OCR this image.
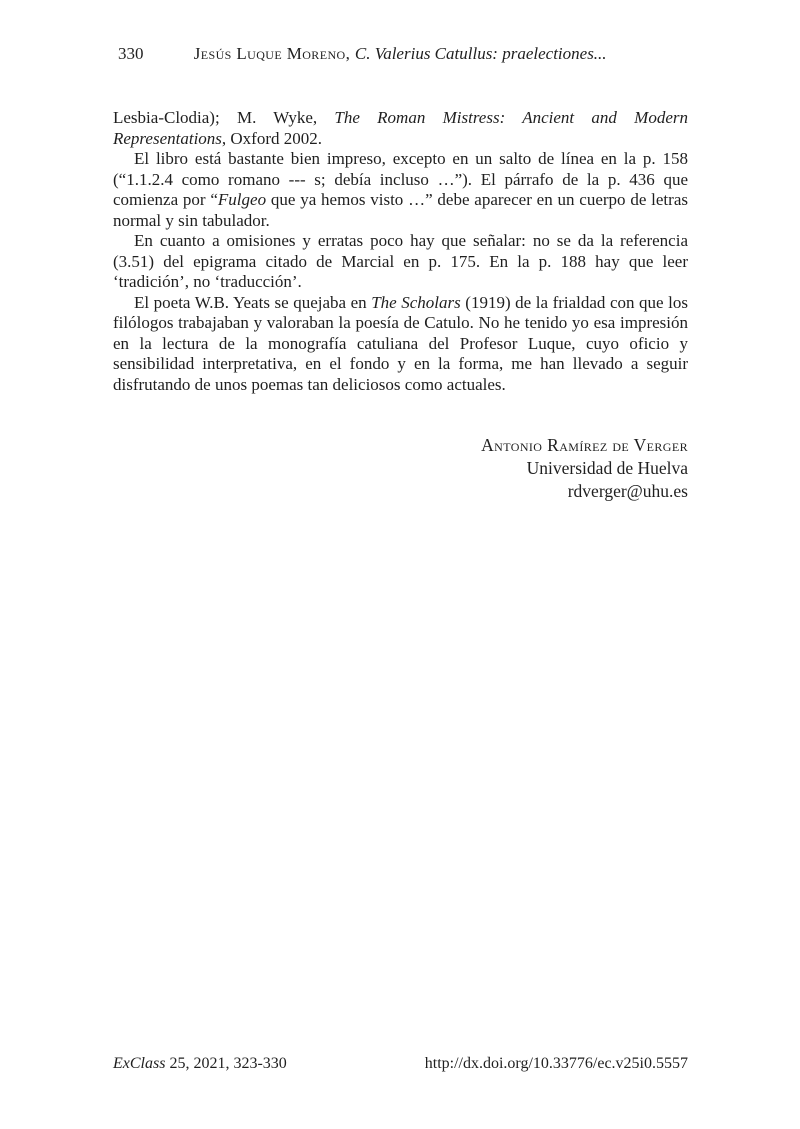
330	Jesús Luque Moreno, C. Valerius Catullus: praelectiones...

Lesbia-Clodia); M. Wyke, The Roman Mistress: Ancient and Modern Representations, Oxford 2002.

El libro está bastante bien impreso, excepto en un salto de línea en la p. 158 (“1.1.2.4 como romano --- s; debía incluso …”). El párrafo de la p. 436 que comienza por “Fulgeo que ya hemos visto …” debe aparecer en un cuerpo de letras normal y sin tabulador.

En cuanto a omisiones y erratas poco hay que señalar: no se da la referencia (3.51) del epigrama citado de Marcial en p. 175. En la p. 188 hay que leer ‘tradición’, no ‘traducción’.

El poeta W.B. Yeats se quejaba en The Scholars (1919) de la frialdad con que los filólogos trabajaban y valoraban la poesía de Catulo. No he tenido yo esa impresión en la lectura de la monografía catuliana del Profesor Luque, cuyo oficio y sensibilidad interpretativa, en el fondo y en la forma, me han llevado a seguir disfrutando de unos poemas tan deliciosos como actuales.

Antonio Ramírez de Verger
Universidad de Huelva
rdverger@uhu.es
ExClass 25, 2021, 323-330	http://dx.doi.org/10.33776/ec.v25i0.5557
